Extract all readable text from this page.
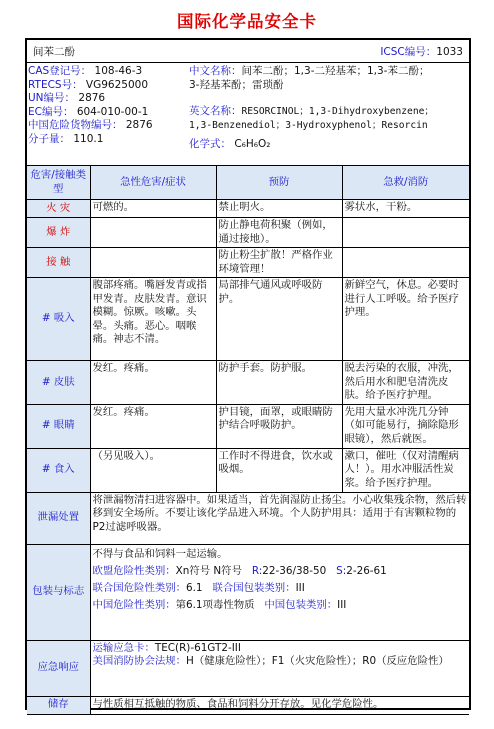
国际化学品安全卡
间苯二酚	ICSC编号：1033
CAS登记号： 108-46-3
RTECS号： VG9625000
UN编号： 2876
EC编号： 604-010-00-1
中国危险货物编号： 2876
分子量： 110.1
中文名称：间苯二酚；1,3-二羟基苯；1,3-苯二酚；
3-羟基苯酚；雷琐酚
英文名称：RESORCINOL；1,3-Dihydroxybenzene；
1,3-Benzenediol；3-Hydroxyphenol；Resorcin
化学式： C₆H₆O₂
危害/接触类型	急性危害/症状	预防	急救/消防
火 灾	可燃的。	禁止明火。	雾状水，干粉。
爆 炸		防止静电荷积聚（例如，通过接地）。	
接 触		防止粉尘扩散！严格作业环境管理！	
# 吸入	腹部疼痛。嘴唇发青或指甲发青。皮肤发青。意识模糊。惊厥。咳嗽。头晕。头痛。恶心。咽喉痛。神志不清。	局部排气通风或呼吸防护。	新鲜空气，休息。必要时进行人工呼吸。给予医疗护理。
# 皮肤	发红。疼痛。	防护手套。防护服。	脱去污染的衣服，冲洗，然后用水和肥皂清洗皮肤。给予医疗护理。
# 眼睛	发红。疼痛。	护目镜，面罩，或眼睛防护结合呼吸防护。	先用大量水冲洗几分钟（如可能易行，摘除隐形眼镜），然后就医。
# 食入	（另见吸入）。	工作时不得进食，饮水或吸烟。	漱口，催吐（仅对清醒病人！）。用水冲服活性炭浆。给予医疗护理。
泄漏处置	将泄漏物清扫进容器中。如果适当，首先润湿防止扬尘。小心收集残余物，然后转移到安全场所。不要让该化学品进入环境。个人防护用具：适用于有害颗粒物的P2过滤呼吸器。		
包装与标志	不得与食品和饲料一起运输。
欧盟危险性类别：Xn符号 N符号 R:22-36/38-50 S:2-26-61
联合国危险性类别：6.1 联合国包装类别：III
中国危险性类别：第6.1项毒性物质 中国包装类别：III		

应急响应	运输应急卡：TEC(R)-61GT2-III
美国消防协会法规：H（健康危险性）；F1（火灾危险性）；R0（反应危险性）		

储存	与性质相互抵触的物质、食品和饲料分开存放。见化学危险性。		
